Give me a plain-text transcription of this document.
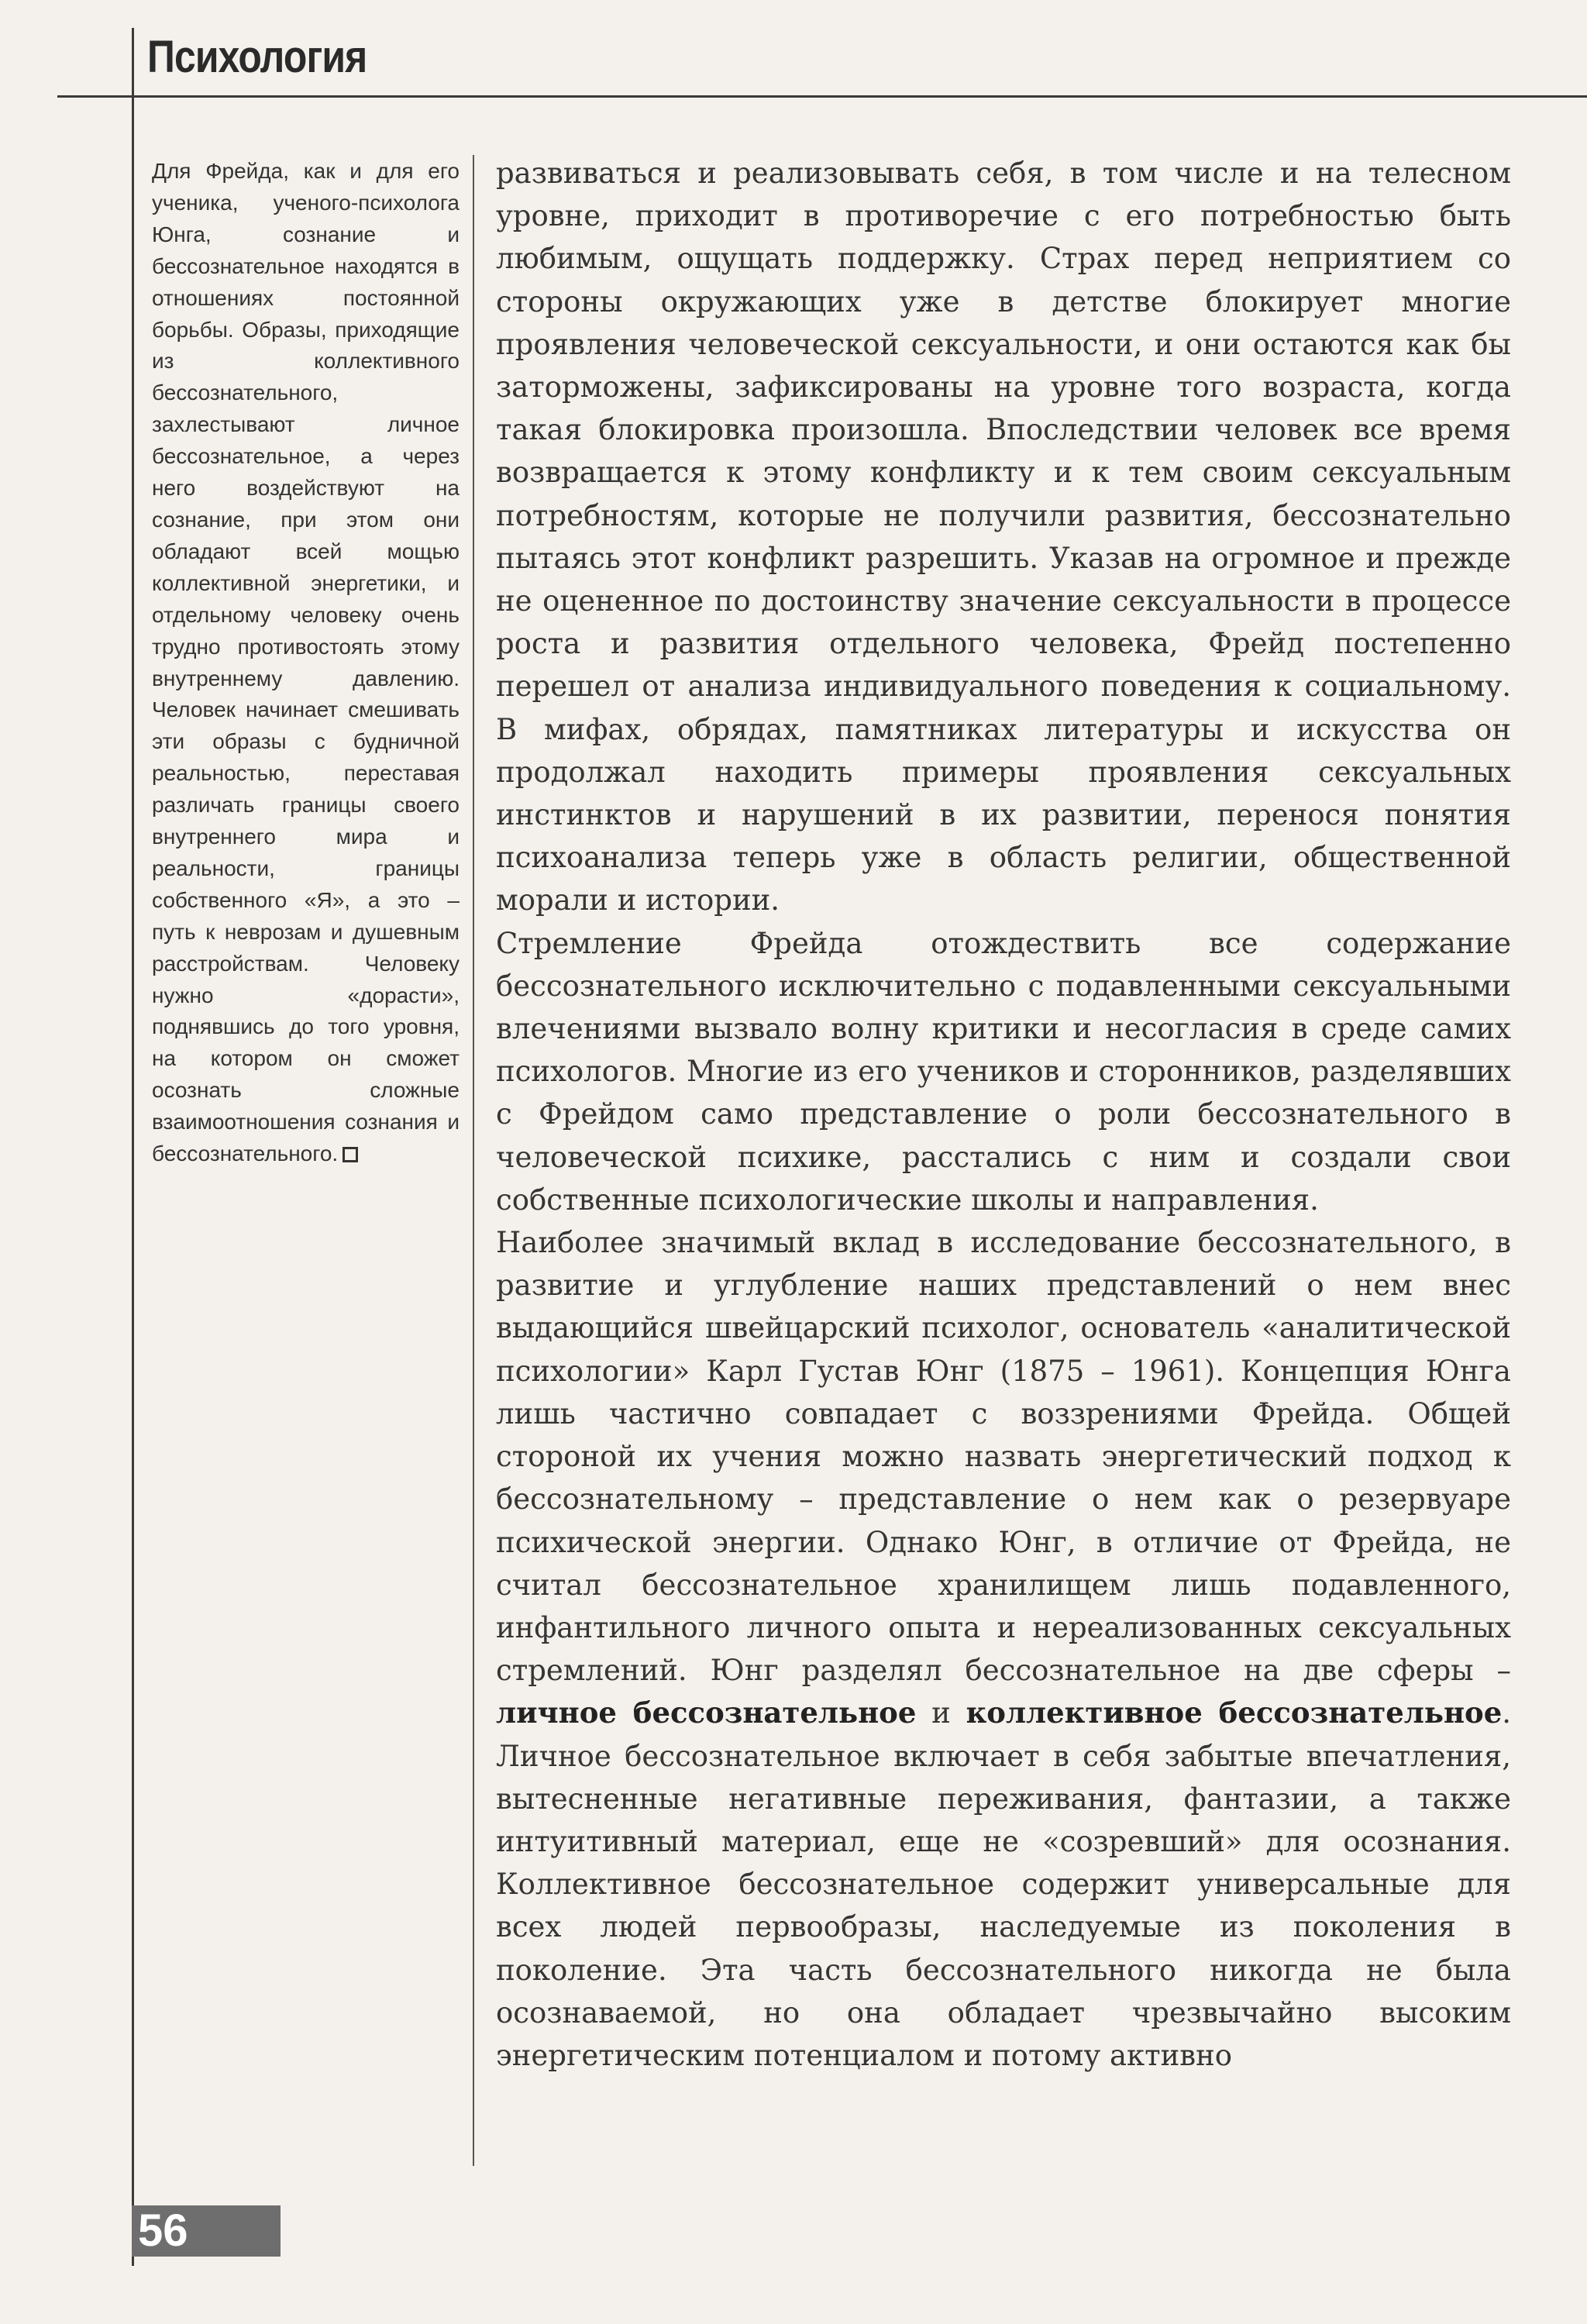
Психология
Для Фрейда, как и для его ученика, ученого-психолога Юнга, сознание и бессознательное находятся в отношениях постоянной борьбы. Образы, приходящие из коллективного бессознательного, захлестывают личное бессознательное, а через него воздействуют на сознание, при этом они обладают всей мощью коллективной энергетики, и отдельному человеку очень трудно противостоять этому внутреннему давлению. Человек начинает смешивать эти образы с будничной реальностью, переставая различать границы своего внутреннего мира и реальности, границы собственного «Я», а это – путь к неврозам и душевным расстройствам. Человеку нужно «дорасти», поднявшись до того уровня, на котором он сможет осознать сложные взаимоотношения сознания и бессознательного.

развиваться и реализовывать себя, в том числе и на телесном уровне, приходит в противоречие с его потребностью быть любимым, ощущать поддержку. Страх перед неприятием со стороны окружающих уже в детстве блокирует многие проявления человеческой сексуальности, и они остаются как бы заторможены, зафиксированы на уровне того возраста, когда такая блокировка произошла. Впоследствии человек все время возвращается к этому конфликту и к тем своим сексуальным потребностям, которые не получили развития, бессознательно пытаясь этот конфликт разрешить. Указав на огромное и прежде не оцененное по достоинству значение сексуальности в процессе роста и развития отдельного человека, Фрейд постепенно перешел от анализа индивидуального поведения к социальному. В мифах, обрядах, памятниках литературы и искусства он продолжал находить примеры проявления сексуальных инстинктов и нарушений в их развитии, перенося понятия психоанализа теперь уже в область религии, общественной морали и истории.

Стремление Фрейда отождествить все содержание бессознательного исключительно с подавленными сексуальными влечениями вызвало волну критики и несогласия в среде самих психологов. Многие из его учеников и сторонников, разделявших с Фрейдом само представление о роли бессознательного в человеческой психике, расстались с ним и создали свои собственные психологические школы и направления.

Наиболее значимый вклад в исследование бессознательного, в развитие и углубление наших представлений о нем внес выдающийся швейцарский психолог, основатель «аналитической психологии» Карл Густав Юнг (1875 – 1961). Концепция Юнга лишь частично совпадает с воззрениями Фрейда. Общей стороной их учения можно назвать энергетический подход к бессознательному – представление о нем как о резервуаре психической энергии. Однако Юнг, в отличие от Фрейда, не считал бессознательное хранилищем лишь подавленного, инфантильного личного опыта и нереализованных сексуальных стремлений. Юнг разделял бессознательное на две сферы – личное бессознательное и коллективное бессознательное. Личное бессознательное включает в себя забытые впечатления, вытесненные негативные переживания, фантазии, а также интуитивный материал, еще не «созревший» для осознания. Коллективное бессознательное содержит универсальные для всех людей первообразы, наследуемые из поколения в поколение. Эта часть бессознательного никогда не была осознаваемой, но она обладает чрезвычайно высоким энергетическим потенциалом и потому активно

56
